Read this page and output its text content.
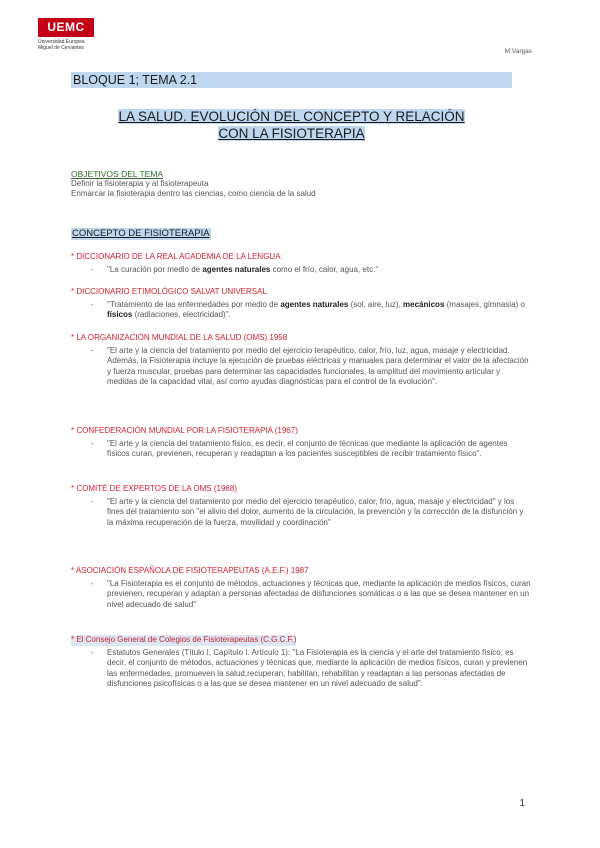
UEMC
Universidad Europea Miguel de Cervantes	M.Vargas
BLOQUE 1; TEMA 2.1
LA SALUD. EVOLUCIÓN DEL CONCEPTO Y RELACIÓN
CON LA FISIOTERAPIA
OBJETIVOS DEL TEMA
Definir la fisioterapia y al fisioterapeuta
Enmarcar la fisioterapia dentro las ciencias, como ciencia de la salud
CONCEPTO DE FISIOTERAPIA
* DICCIONARIO DE LA REAL ACADEMIA DE LA LENGUA
- "La curación por medio de agentes naturales como el frío, calor, agua, etc."
* DICCIONARIO ETIMOLÓGICO SALVAT UNIVERSAL
- "Tratamiento de las enfermedades por medio de agentes naturales (sol, aire, luz), mecánicos (masajes, gimnasia) o físicos (radiaciones, electricidad)".
* LA ORGANIZACIÓN MUNDIAL DE LA SALUD (OMS) 1958
- "El arte y la ciencia del tratamiento por medio del ejercicio terapéutico, calor, frío, luz, agua, masaje y electricidad. Además, la Fisioterapia incluye la ejecución de pruebas eléctricas y manuales para determinar el valor de la afectación y fuerza muscular, pruebas para determinar las capacidades funcionales, la amplitud del movimiento articular y medidas de la capacidad vital, así como ayudas diagnósticas para el control de la evolución".
* CONFEDERACIÓN MUNDIAL POR LA FISIOTERAPIA (1967)
- "El arte y la ciencia del tratamiento físico, es decir, el conjunto de técnicas que mediante la aplicación de agentes físicos curan, previenen, recuperan y readaptan a los pacientes susceptibles de recibir tratamiento físico".
* COMITÉ DE EXPERTOS DE LA OMS (1968)
- "El arte y la ciencia del tratamiento por medio del ejercicio terapéutico, calor, frío, agua, masaje y electricidad" y los fines del tratamiento son "el alivio del dolor, aumento de la circulación, la prevención y la corrección de la disfunción y la máxima recuperación de la fuerza, movilidad y coordinación"
* ASOCIACIÓN ESPAÑOLA DE FISIOTERAPEUTAS (A.E.F.) 1987
- "La Fisioterapia es el conjunto de métodos, actuaciones y técnicas que, mediante la aplicación de medios físicos, curan previenen, recuperan y adaptan a personas afectadas de disfunciones somáticas o a las que se desea mantener en un nivel adecuado de salud"
* El Consejo General de Colegios de Fisioterapeutas (C.G.C.F.)
- Estatutos Generales (Título I, Capítulo I. Artículo 1): "La Fisioterapia es la ciencia y el arte del tratamiento físico; es decir, el conjunto de métodos, actuaciones y técnicas que, mediante la aplicación de medios físicos, curan y previenen las enfermedades, promueven la salud,recuperan, habilitan, rehabilitan y readaptan a las personas afectadas de disfunciones psicofísicas o a las que se desea mantener en un nivel adecuado de salud".
1
